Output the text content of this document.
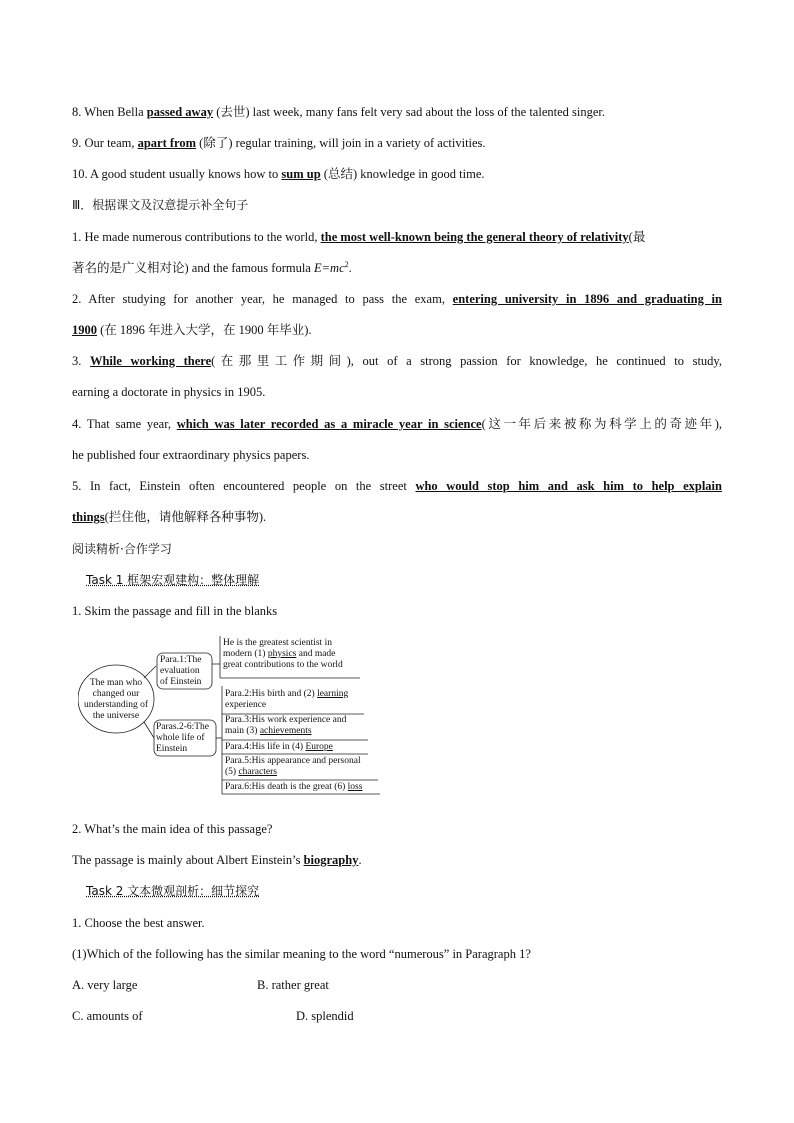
8. When Bella passed away (去世) last week, many fans felt very sad about the loss of the talented singer.
9. Our team, apart from (除了) regular training, will join in a variety of activities.
10. A good student usually knows how to sum up (总结) knowledge in good time.
Ⅲ．根据课文及汉意提示补全句子
1. He made numerous contributions to the world, the most well-known being the general theory of relativity(最
著名的是广义相对论) and the famous formula $E=mc^2$.
2. After studying for another year, he managed to pass the exam, entering university in 1896 and graduating in
1900 (在 1896 年进入大学，在 1900 年毕业).
3. While working there(在那里工作期间), out of a strong passion for knowledge, he continued to study,
earning a doctorate in physics in 1905.
4. That same year, which was later recorded as a miracle year in science(这一年后来被称为科学上的奇迹年),
he published four extraordinary physics papers.
5. In fact, Einstein often encountered people on the street who would stop him and ask him to help explain
things(拦住他，请他解释各种事物).
阅读精析·合作学习
Task 1 框架宏观建构：整体理解
1. Skim the passage and fill in the blanks
The man who
changed our
understanding of
the universe
Para.1:The
evaluation
of Einstein
He is the greatest scientist in
modern (1) physics and made
great contributions to the world
Paras.2-6:The
whole life of
Einstein
Para.2:His birth and (2) learning
experience
Para.3:His work experience and
main (3) achievements
Para.4:His life in (4) Europe
Para.5:His appearance and personal
(5) characters
Para.6:His death is the great (6) loss
2. What’s the main idea of this passage?
The passage is mainly about Albert Einstein’s biography.
Task 2 文本微观剖析：细节探究
1. Choose the best answer.
(1)Which of the following has the similar meaning to the word “numerous” in Paragraph 1?
A. very large	B. rather great
C. amounts of	D. splendid
